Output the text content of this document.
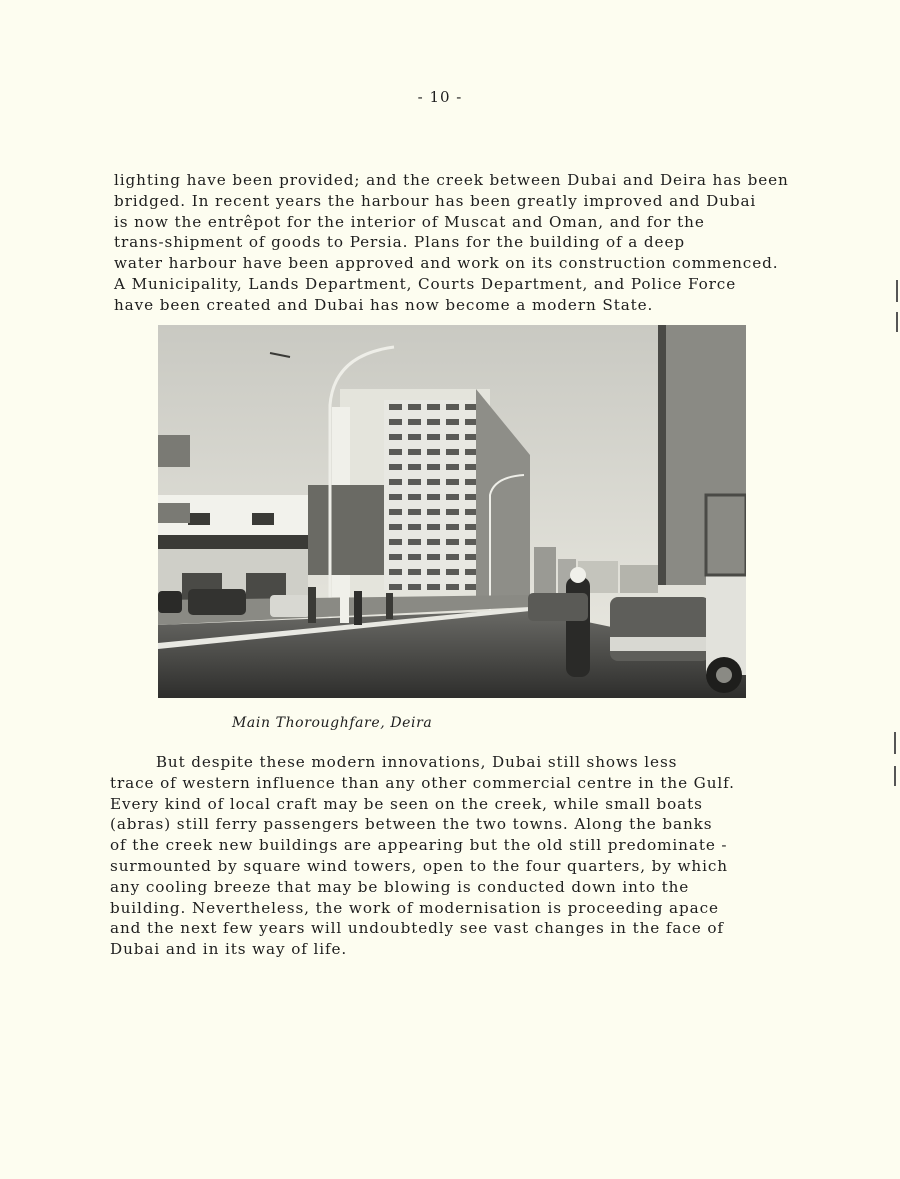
- 10 -

lighting have been provided; and the creek between Dubai and Deira has been
bridged. In recent years the harbour has been greatly improved and Dubai
is now the entrêpot for the interior of Muscat and Oman, and for the
trans-shipment of goods to Persia. Plans for the building of a deep
water harbour have been approved and work on its construction commenced.
A Municipality, Lands Department, Courts Department, and Police Force
have been created and Dubai has now become a modern State.

Main Thoroughfare, Deira

But despite these modern innovations, Dubai still shows less
trace of western influence than any other commercial centre in the Gulf.
Every kind of local craft may be seen on the creek, while small boats
(abras) still ferry passengers between the two towns. Along the banks
of the creek new buildings are appearing but the old still predominate -
surmounted by square wind towers, open to the four quarters, by which
any cooling breeze that may be blowing is conducted down into the
building. Nevertheless, the work of modernisation is proceeding apace
and the next few years will undoubtedly see vast changes in the face of
Dubai and in its way of life.
